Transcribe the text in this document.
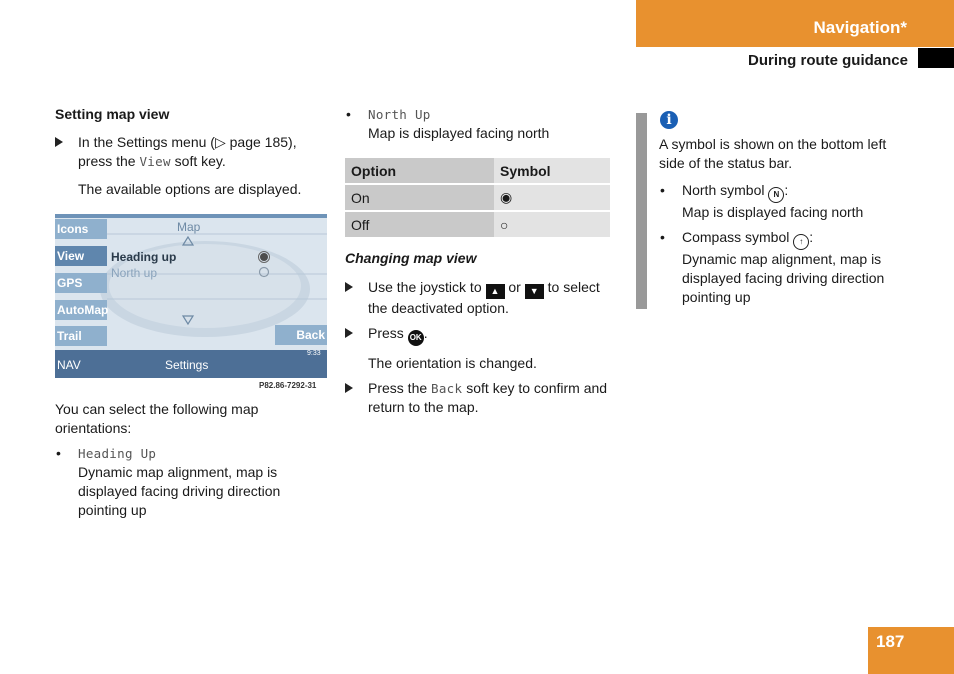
Navigation*
During route guidance
Setting map view
In the Settings menu (▷ page 185),
press the View soft key.
The available options are displayed.
Icons
View
GPS
AutoMap
Trail
Map
Heading up
North up
Back
NAV	Settings
9:33
P82.86-7292-31
You can select the following map
orientations:
• Heading Up
Dynamic map alignment, map is
displayed facing driving direction
pointing up
• North Up
Map is displayed facing north
Option	Symbol
On	◉
Off	○
Changing map view
Use the joystick to ▲ or ▼ to select
the deactivated option.
Press OK .
The orientation is changed.
Press the Back soft key to confirm and
return to the map.
i
A symbol is shown on the bottom left
side of the status bar.
• North symbol N :
Map is displayed facing north
• Compass symbol ↑ :
Dynamic map alignment, map is
displayed facing driving direction
pointing up
187
